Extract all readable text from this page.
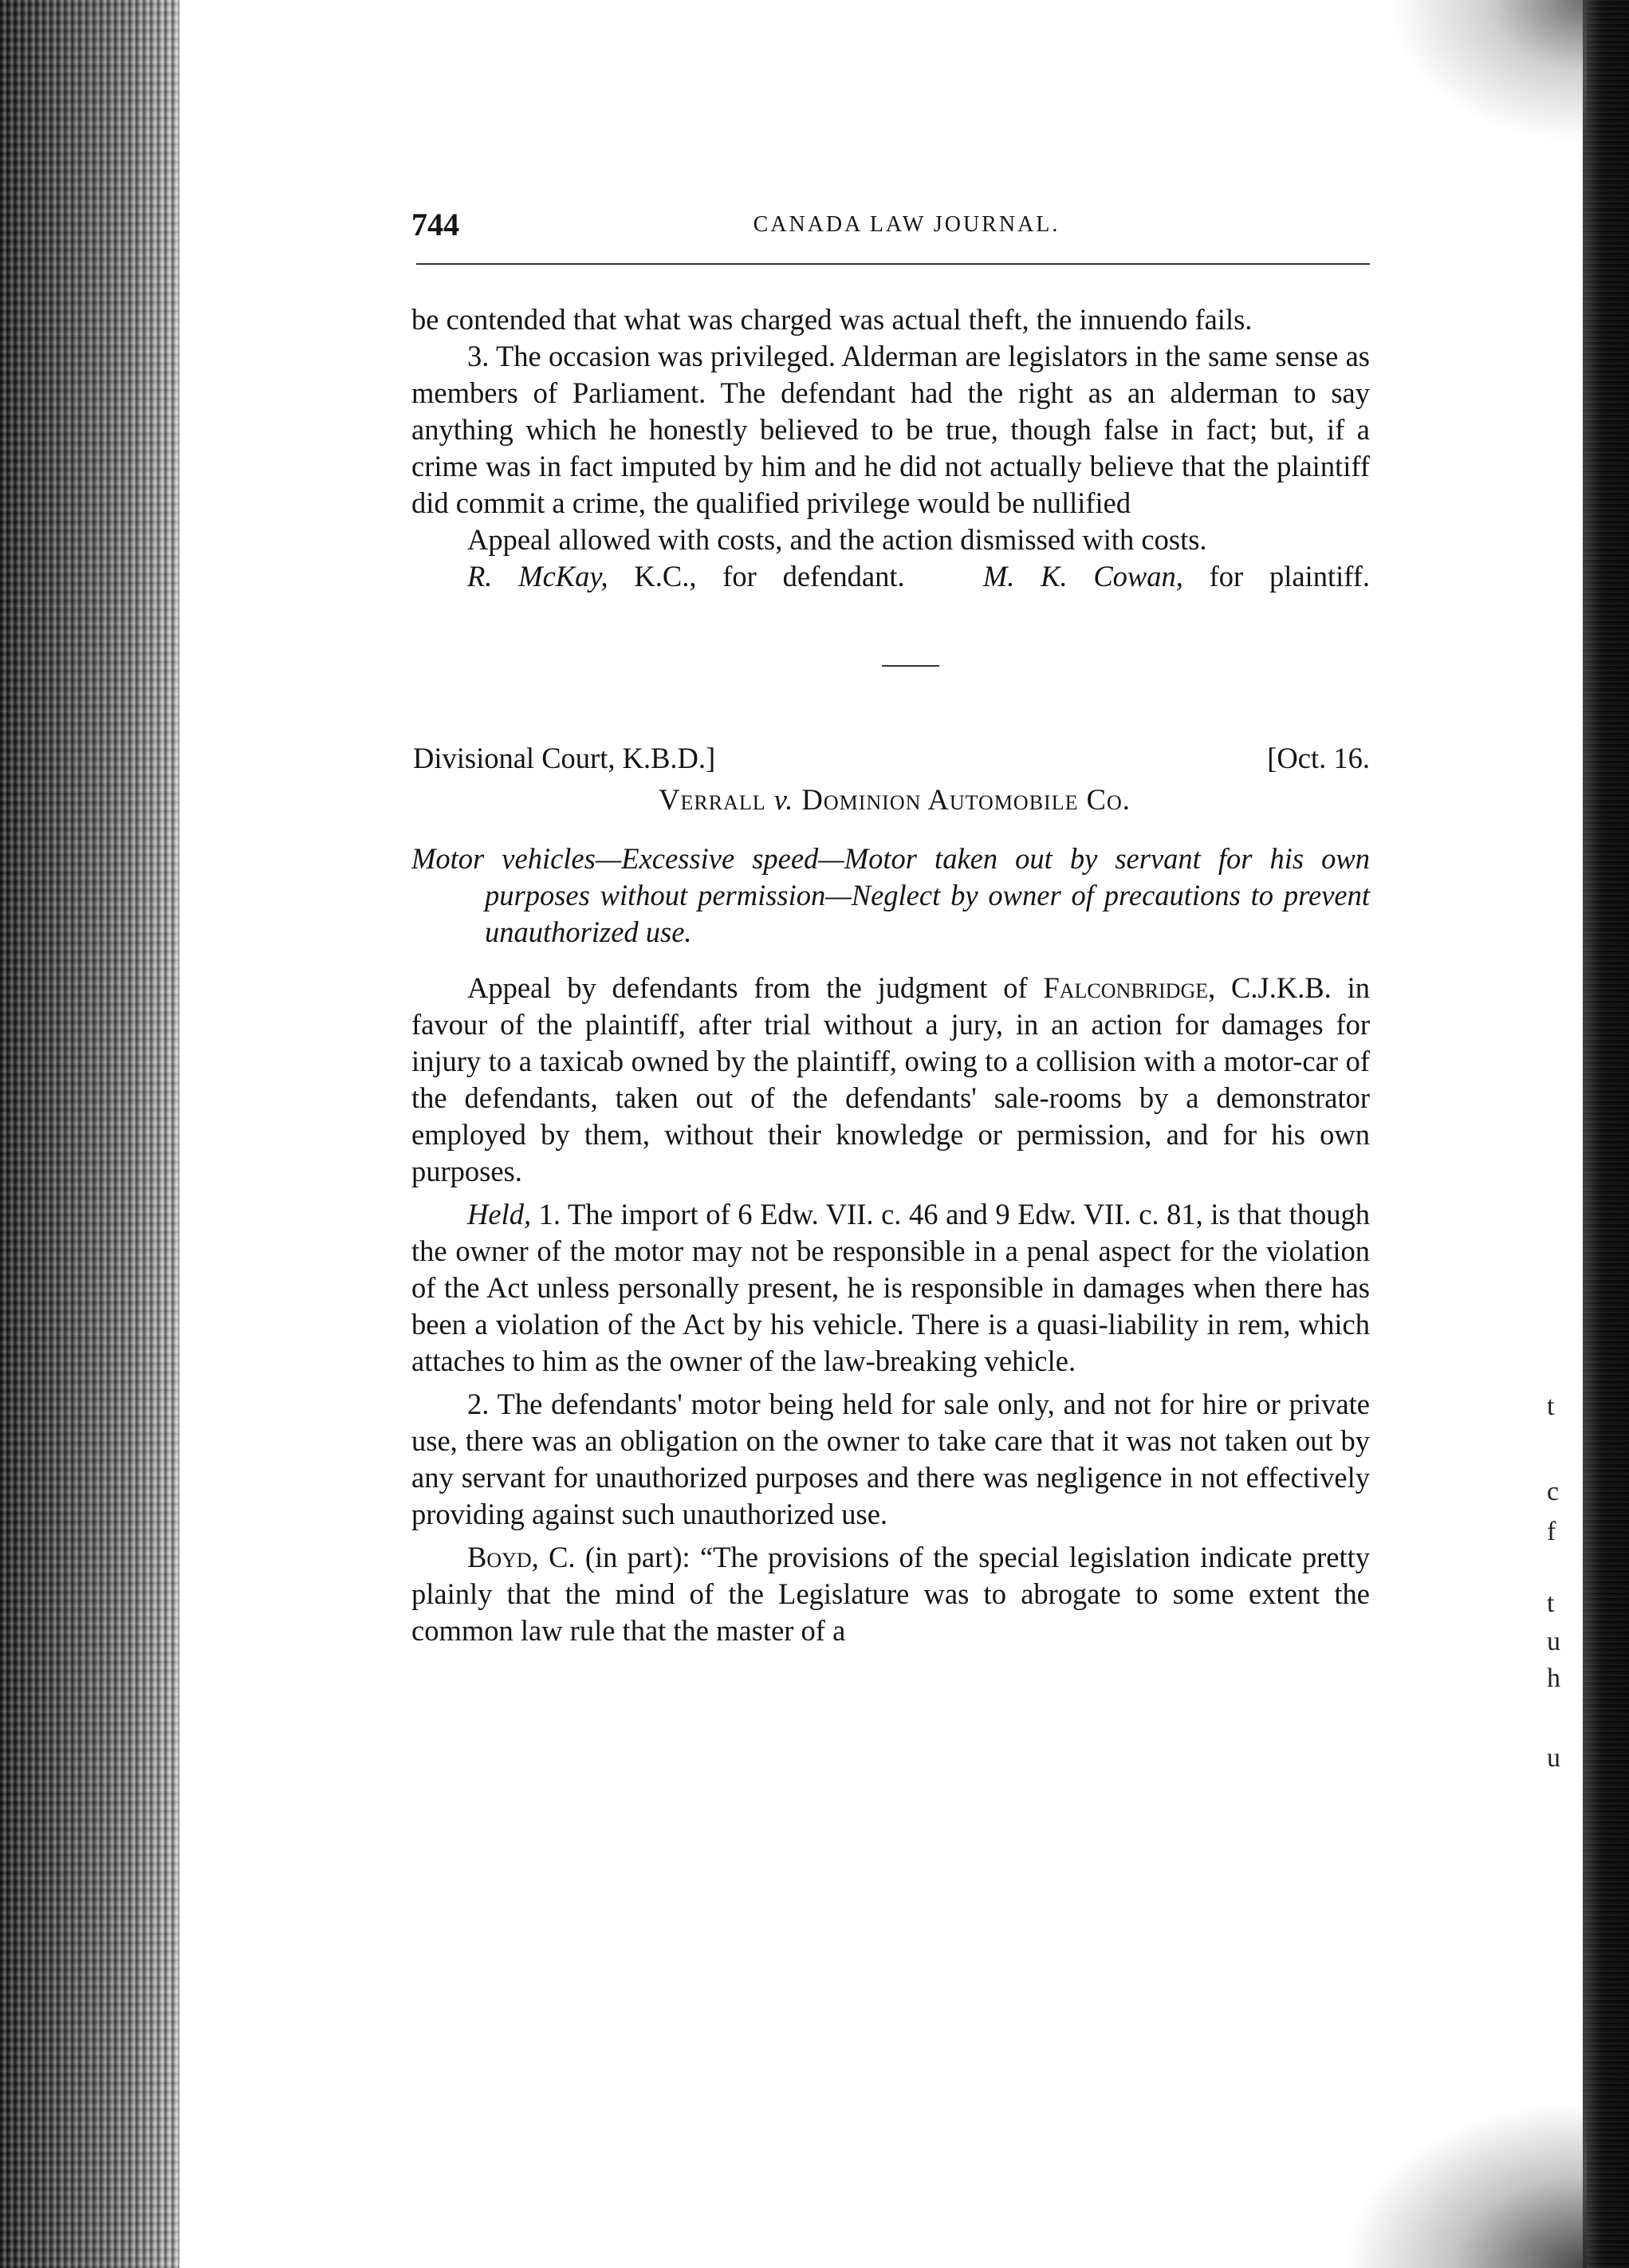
t
c
f
t
u
h
u
744	CANADA LAW JOURNAL.

be contended that what was charged was actual theft, the innuendo fails.

3. The occasion was privileged. Alderman are legislators in the same sense as members of Parliament. The defendant had the right as an alderman to say anything which he honestly believed to be true, though false in fact; but, if a crime was in fact imputed by him and he did not actually believe that the plaintiff did commit a crime, the qualified privilege would be nullified

Appeal allowed with costs, and the action dismissed with costs.

R. McKay, K.C., for defendant.	M. K. Cowan, for plaintiff.

Divisional Court, K.B.D.]	[Oct. 16.
Verrall v. Dominion Automobile Co.

Motor vehicles—Excessive speed—Motor taken out by servant for his own purposes without permission—Neglect by owner of precautions to prevent unauthorized use.

Appeal by defendants from the judgment of Falconbridge, C.J.K.B. in favour of the plaintiff, after trial without a jury, in an action for damages for injury to a taxicab owned by the plaintiff, owing to a collision with a motor-car of the defendants, taken out of the defendants' sale-rooms by a demonstrator employed by them, without their knowledge or permission, and for his own purposes.

Held, 1. The import of 6 Edw. VII. c. 46 and 9 Edw. VII. c. 81, is that though the owner of the motor may not be responsible in a penal aspect for the violation of the Act unless personally present, he is responsible in damages when there has been a violation of the Act by his vehicle. There is a quasi-liability in rem, which attaches to him as the owner of the law-breaking vehicle.

2. The defendants' motor being held for sale only, and not for hire or private use, there was an obligation on the owner to take care that it was not taken out by any servant for unauthorized purposes and there was negligence in not effectively providing against such unauthorized use.

Boyd, C. (in part): “The provisions of the special legislation indicate pretty plainly that the mind of the Legislature was to abrogate to some extent the common law rule that the master of a
